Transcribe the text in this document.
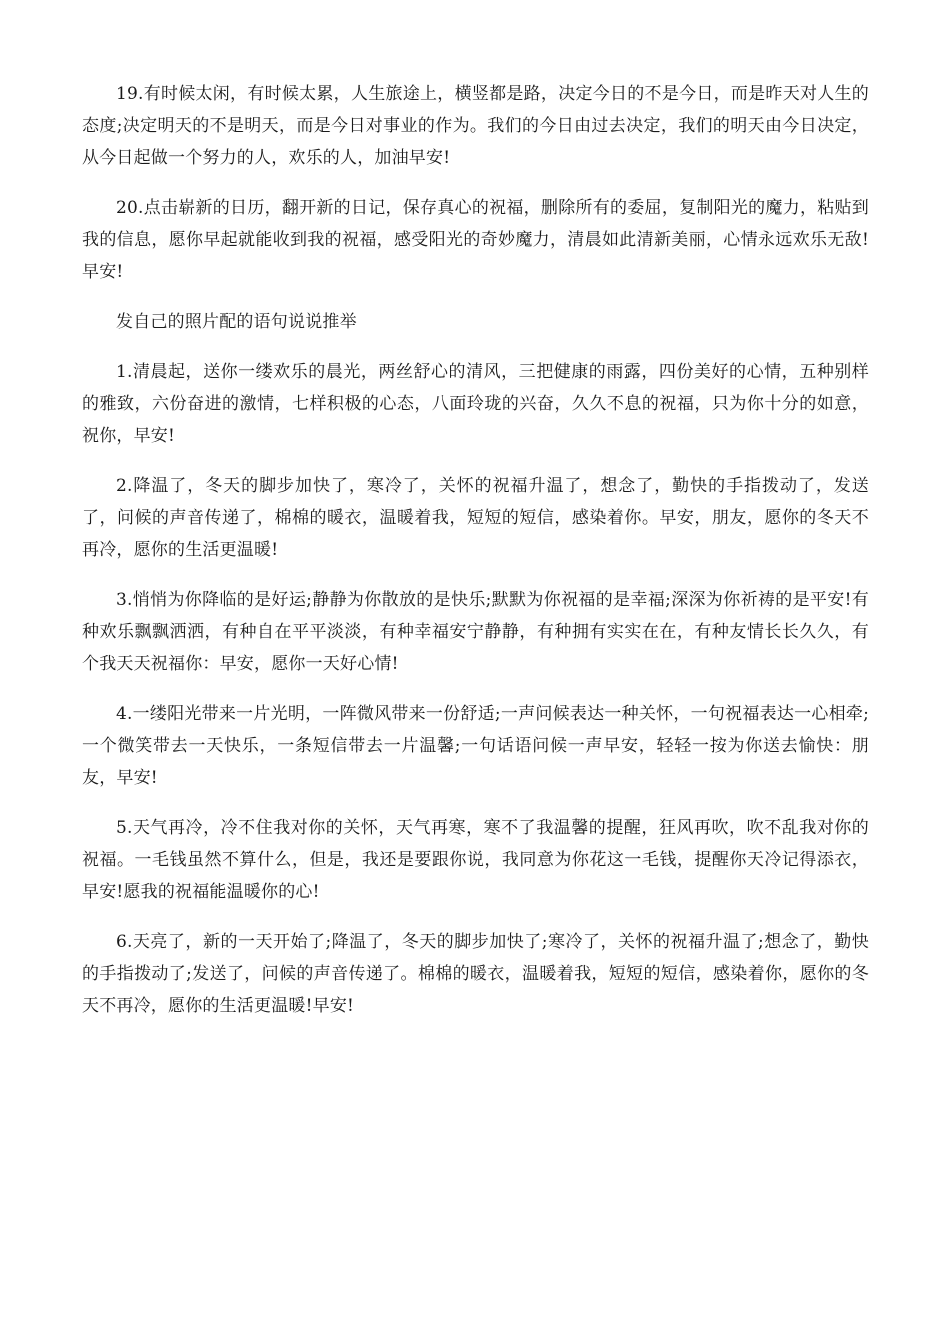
19.有时候太闲，有时候太累，人生旅途上，横竖都是路，决定今日的不是今日，而是昨天对人生的态度;决定明天的不是明天，而是今日对事业的作为。我们的今日由过去决定，我们的明天由今日决定，从今日起做一个努力的人，欢乐的人，加油早安!

20.点击崭新的日历，翻开新的日记，保存真心的祝福，删除所有的委屈，复制阳光的魔力，粘贴到我的信息，愿你早起就能收到我的祝福，感受阳光的奇妙魔力，清晨如此清新美丽，心情永远欢乐无敌!早安!

发自己的照片配的语句说说推举

1.清晨起，送你一缕欢乐的晨光，两丝舒心的清风，三把健康的雨露，四份美好的心情，五种别样的雅致，六份奋进的激情，七样积极的心态，八面玲珑的兴奋，久久不息的祝福，只为你十分的如意，祝你，早安!

2.降温了，冬天的脚步加快了，寒冷了，关怀的祝福升温了，想念了，勤快的手指拨动了，发送了，问候的声音传递了，棉棉的暖衣，温暖着我，短短的短信，感染着你。早安，朋友，愿你的冬天不再冷，愿你的生活更温暖!

3.悄悄为你降临的是好运;静静为你散放的是快乐;默默为你祝福的是幸福;深深为你祈祷的是平安!有种欢乐飘飘洒洒，有种自在平平淡淡，有种幸福安宁静静，有种拥有实实在在，有种友情长长久久，有个我天天祝福你：早安，愿你一天好心情!

4.一缕阳光带来一片光明，一阵微风带来一份舒适;一声问候表达一种关怀，一句祝福表达一心相牵;一个微笑带去一天快乐，一条短信带去一片温馨;一句话语问候一声早安，轻轻一按为你送去愉快：朋友，早安!

5.天气再冷，冷不住我对你的关怀，天气再寒，寒不了我温馨的提醒，狂风再吹，吹不乱我对你的祝福。一毛钱虽然不算什么，但是，我还是要跟你说，我同意为你花这一毛钱，提醒你天冷记得添衣，早安!愿我的祝福能温暖你的心!

6.天亮了，新的一天开始了;降温了，冬天的脚步加快了;寒冷了，关怀的祝福升温了;想念了，勤快的手指拨动了;发送了，问候的声音传递了。棉棉的暖衣，温暖着我，短短的短信，感染着你，愿你的冬天不再冷，愿你的生活更温暖!早安!
